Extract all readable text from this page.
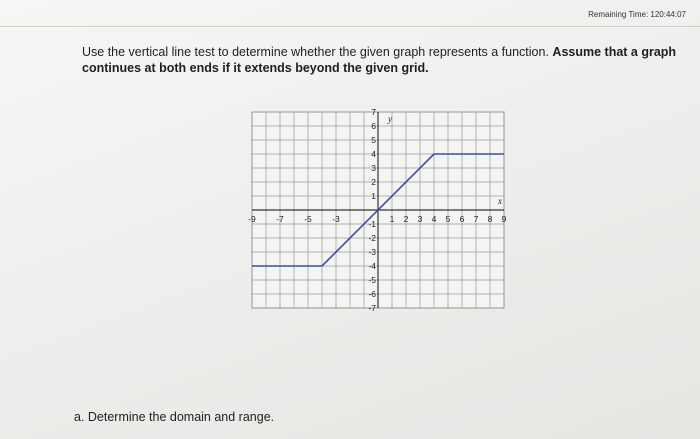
Remaining Time: 120:44:07
Use the vertical line test to determine whether the given graph represents a function. Assume that a graph continues at both ends if it extends beyond the given grid.
x
y
-9 -7 -5 -3	1 2 3 4 5 6 7 8 9
7
6
5
4
3
2
1
-1
-2
-3
-4
-5
-6
-7
a. Determine the domain and range.
